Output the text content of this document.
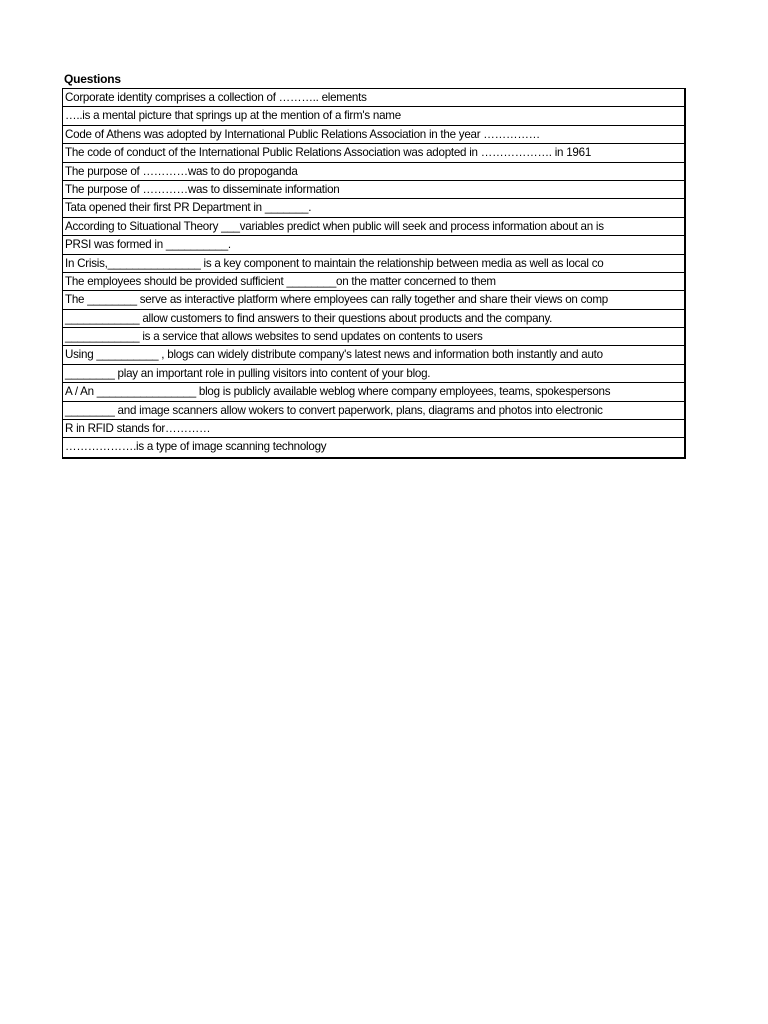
Questions
Corporate identity comprises a collection of ……….. elements
…..is a mental picture that springs up at the mention of a firm's name
Code of Athens was adopted by International Public Relations Association in the year ……………
The code of conduct of the International Public Relations Association was adopted in ………………. in 1961
The purpose of …………was to do propoganda
The purpose of …………was to disseminate information
Tata opened their first PR Department in _______.
According to Situational Theory ___variables predict when public will seek and process information about an is
PRSI was formed in __________.
In Crisis,_______________ is a key component to maintain the relationship between media as well as local co
The employees should be provided sufficient ________on the matter concerned to them
The ________ serve as interactive platform where employees can rally together and share their views on comp
____________ allow customers to find answers to their questions about products and the company.
____________ is a service that allows websites to send updates on contents to users
Using __________ , blogs can widely distribute company's latest news and information both instantly and auto
________ play an important role in pulling visitors into content of your blog.
A / An ________________ blog is publicly available weblog where company employees, teams, spokespersons
________ and image scanners allow wokers to convert paperwork, plans, diagrams and photos into electronic
R in RFID stands for…………
……………….is a type of image scanning technology
